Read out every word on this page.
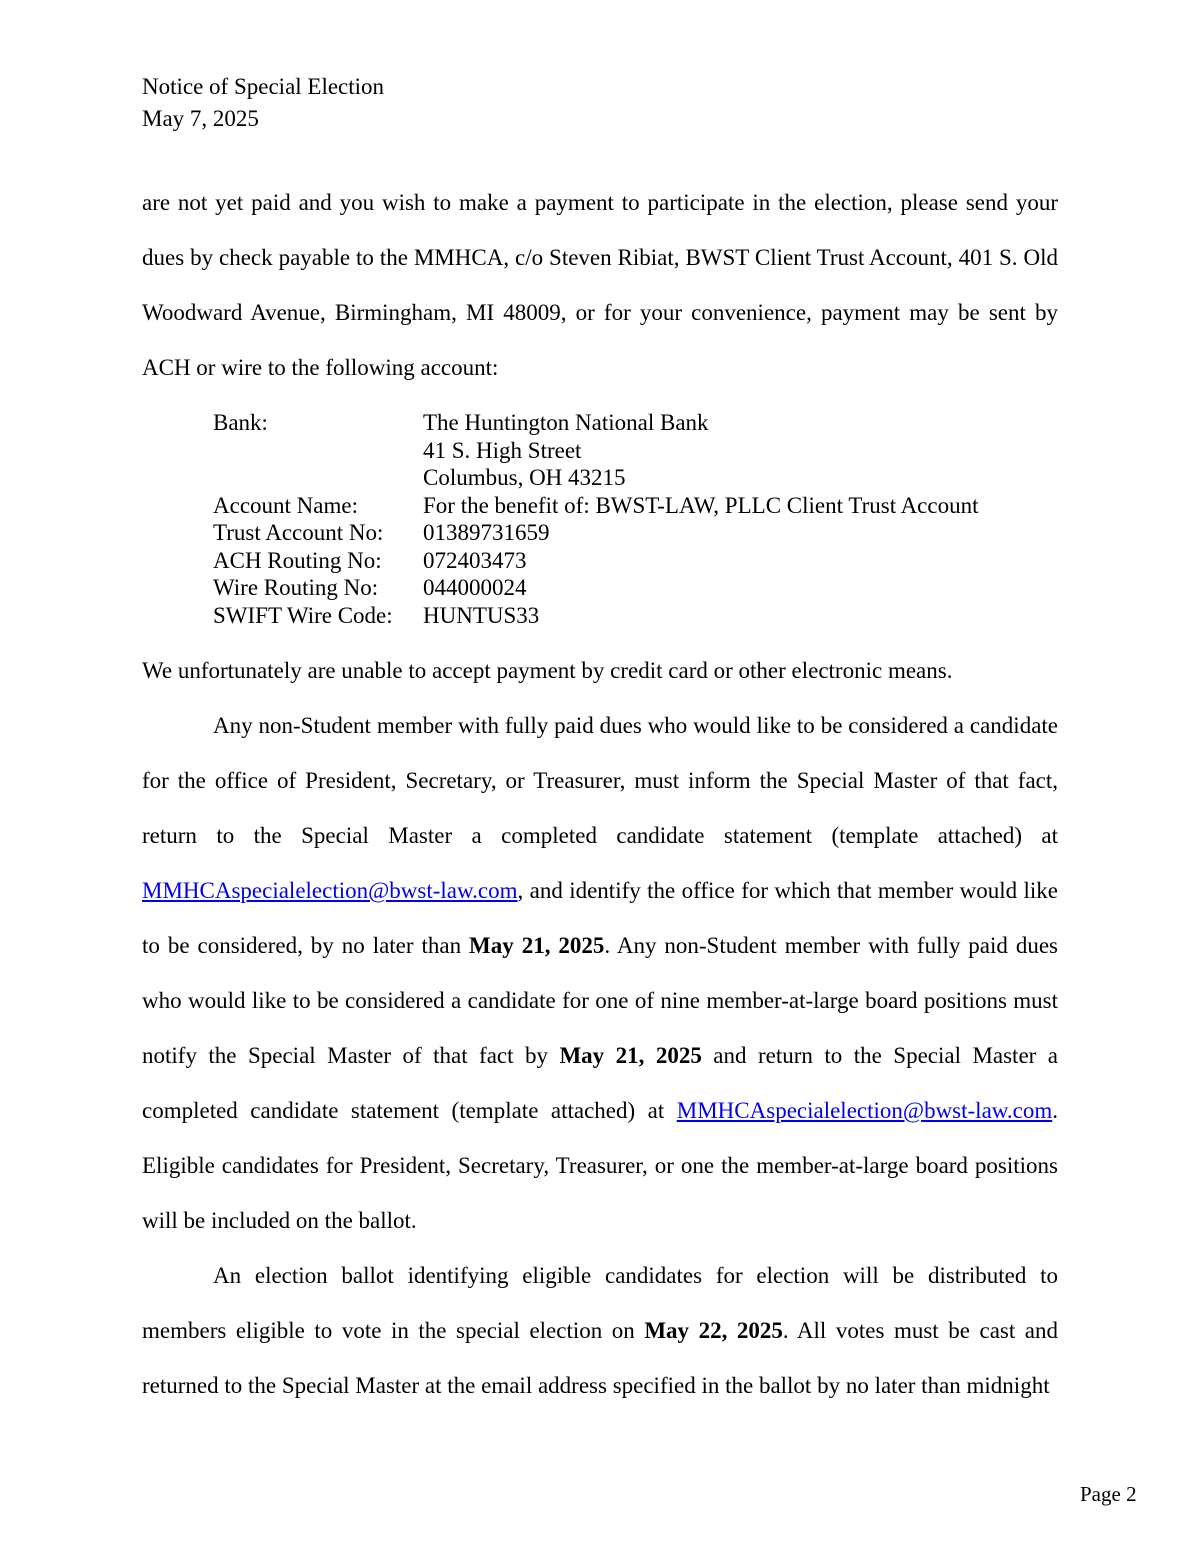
Notice of Special Election
May 7, 2025

are not yet paid and you wish to make a payment to participate in the election, please send your dues by check payable to the MMHCA, c/o Steven Ribiat, BWST Client Trust Account, 401 S. Old Woodward Avenue, Birmingham, MI 48009, or for your convenience, payment may be sent by ACH or wire to the following account:

Bank:	The Huntington National Bank
41 S. High Street
Columbus, OH 43215
Account Name:	For the benefit of: BWST-LAW, PLLC Client Trust Account
Trust Account No:	01389731659
ACH Routing No:	072403473
Wire Routing No:	044000024
SWIFT Wire Code:	HUNTUS33

We unfortunately are unable to accept payment by credit card or other electronic means.

Any non-Student member with fully paid dues who would like to be considered a candidate for the office of President, Secretary, or Treasurer, must inform the Special Master of that fact, return to the Special Master a completed candidate statement (template attached) at MMHCAspecialelection@bwst-law.com, and identify the office for which that member would like to be considered, by no later than May 21, 2025. Any non-Student member with fully paid dues who would like to be considered a candidate for one of nine member-at-large board positions must notify the Special Master of that fact by May 21, 2025 and return to the Special Master a completed candidate statement (template attached) at MMHCAspecialelection@bwst-law.com. Eligible candidates for President, Secretary, Treasurer, or one the member-at-large board positions will be included on the ballot.

An election ballot identifying eligible candidates for election will be distributed to members eligible to vote in the special election on May 22, 2025. All votes must be cast and returned to the Special Master at the email address specified in the ballot by no later than midnight

Page 2
